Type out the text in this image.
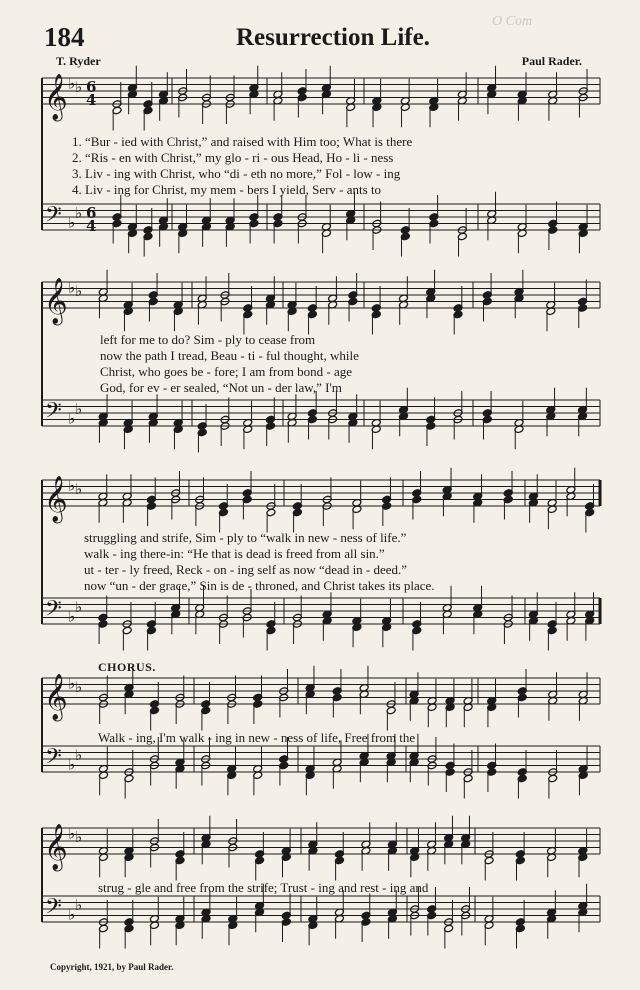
184	Resurrection Life.
O Com
T. Ryder	Paul Rader.
𝄞
𝄢
♭ ♭
♭
♭
6
4
6
4
𝄞
𝄢
♭ ♭
♭
♭
𝄞
𝄢
♭ ♭
♭
♭
𝄞
𝄢
♭ ♭
♭
♭
𝄞
𝄢
♭ ♭
♭
♭
1. “Bur - ied with Christ,” and raised with Him too; What is there
2. “Ris - en with Christ,” my glo - ri - ous Head, Ho - li - ness
3. Liv - ing with Christ, who “di - eth no more,” Fol - low - ing
4. Liv - ing for Christ, my mem - bers I yield, Serv - ants to
left for me to do? Sim - ply to cease from
now the path I tread, Beau - ti - ful thought, while
Christ, who goes be - fore; I am from bond - age
God, for ev - er sealed, “Not un - der law,” I'm
struggling and strife, Sim - ply to “walk in new - ness of life.”
walk - ing there-in: “He that is dead is freed from all sin.”
ut - ter - ly freed, Reck - on - ing self as now “dead in - deed.”
now “un - der grace,” Sin is de - throned, and Christ takes its place.
CHORUS.
Walk - ing, I'm walk - ing in new - ness of life, Free from the
strug - gle and free from the strife; Trust - ing and rest - ing and
Copyright, 1921, by Paul Rader.
